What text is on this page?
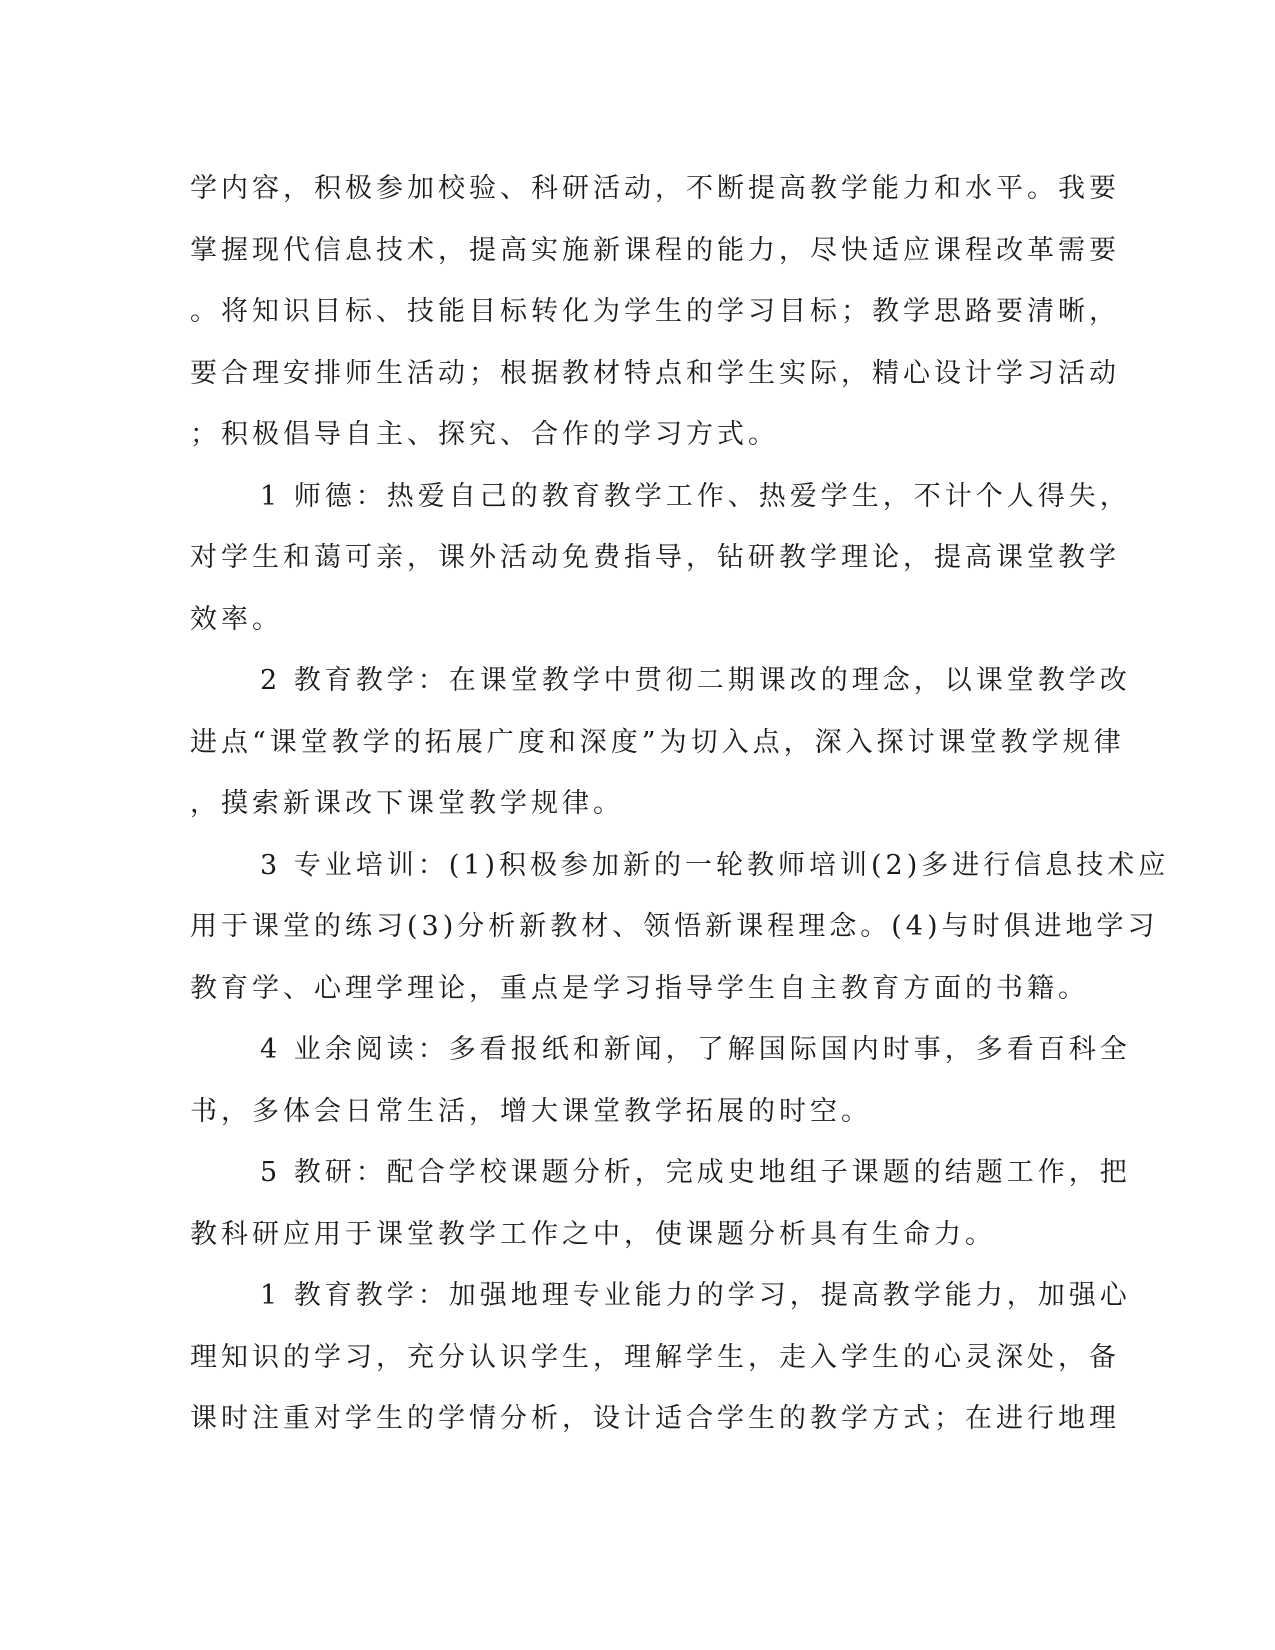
学内容，积极参加校验、科研活动，不断提高教学能力和水平。我要
掌握现代信息技术，提高实施新课程的能力，尽快适应课程改革需要
。将知识目标、技能目标转化为学生的学习目标；教学思路要清晰，
要合理安排师生活动；根据教材特点和学生实际，精心设计学习活动
；积极倡导自主、探究、合作的学习方式。
1 师德：热爱自己的教育教学工作、热爱学生，不计个人得失，
对学生和蔼可亲，课外活动免费指导，钻研教学理论，提高课堂教学
效率。
2 教育教学：在课堂教学中贯彻二期课改的理念，以课堂教学改
进点“课堂教学的拓展广度和深度”为切入点，深入探讨课堂教学规律
，摸索新课改下课堂教学规律。
3 专业培训：(1)积极参加新的一轮教师培训(2)多进行信息技术应
用于课堂的练习(3)分析新教材、领悟新课程理念。(4)与时俱进地学习
教育学、心理学理论，重点是学习指导学生自主教育方面的书籍。
4 业余阅读：多看报纸和新闻，了解国际国内时事，多看百科全
书，多体会日常生活，增大课堂教学拓展的时空。
5 教研：配合学校课题分析，完成史地组子课题的结题工作，把
教科研应用于课堂教学工作之中，使课题分析具有生命力。
1 教育教学：加强地理专业能力的学习，提高教学能力，加强心
理知识的学习，充分认识学生，理解学生，走入学生的心灵深处，备
课时注重对学生的学情分析，设计适合学生的教学方式；在进行地理
